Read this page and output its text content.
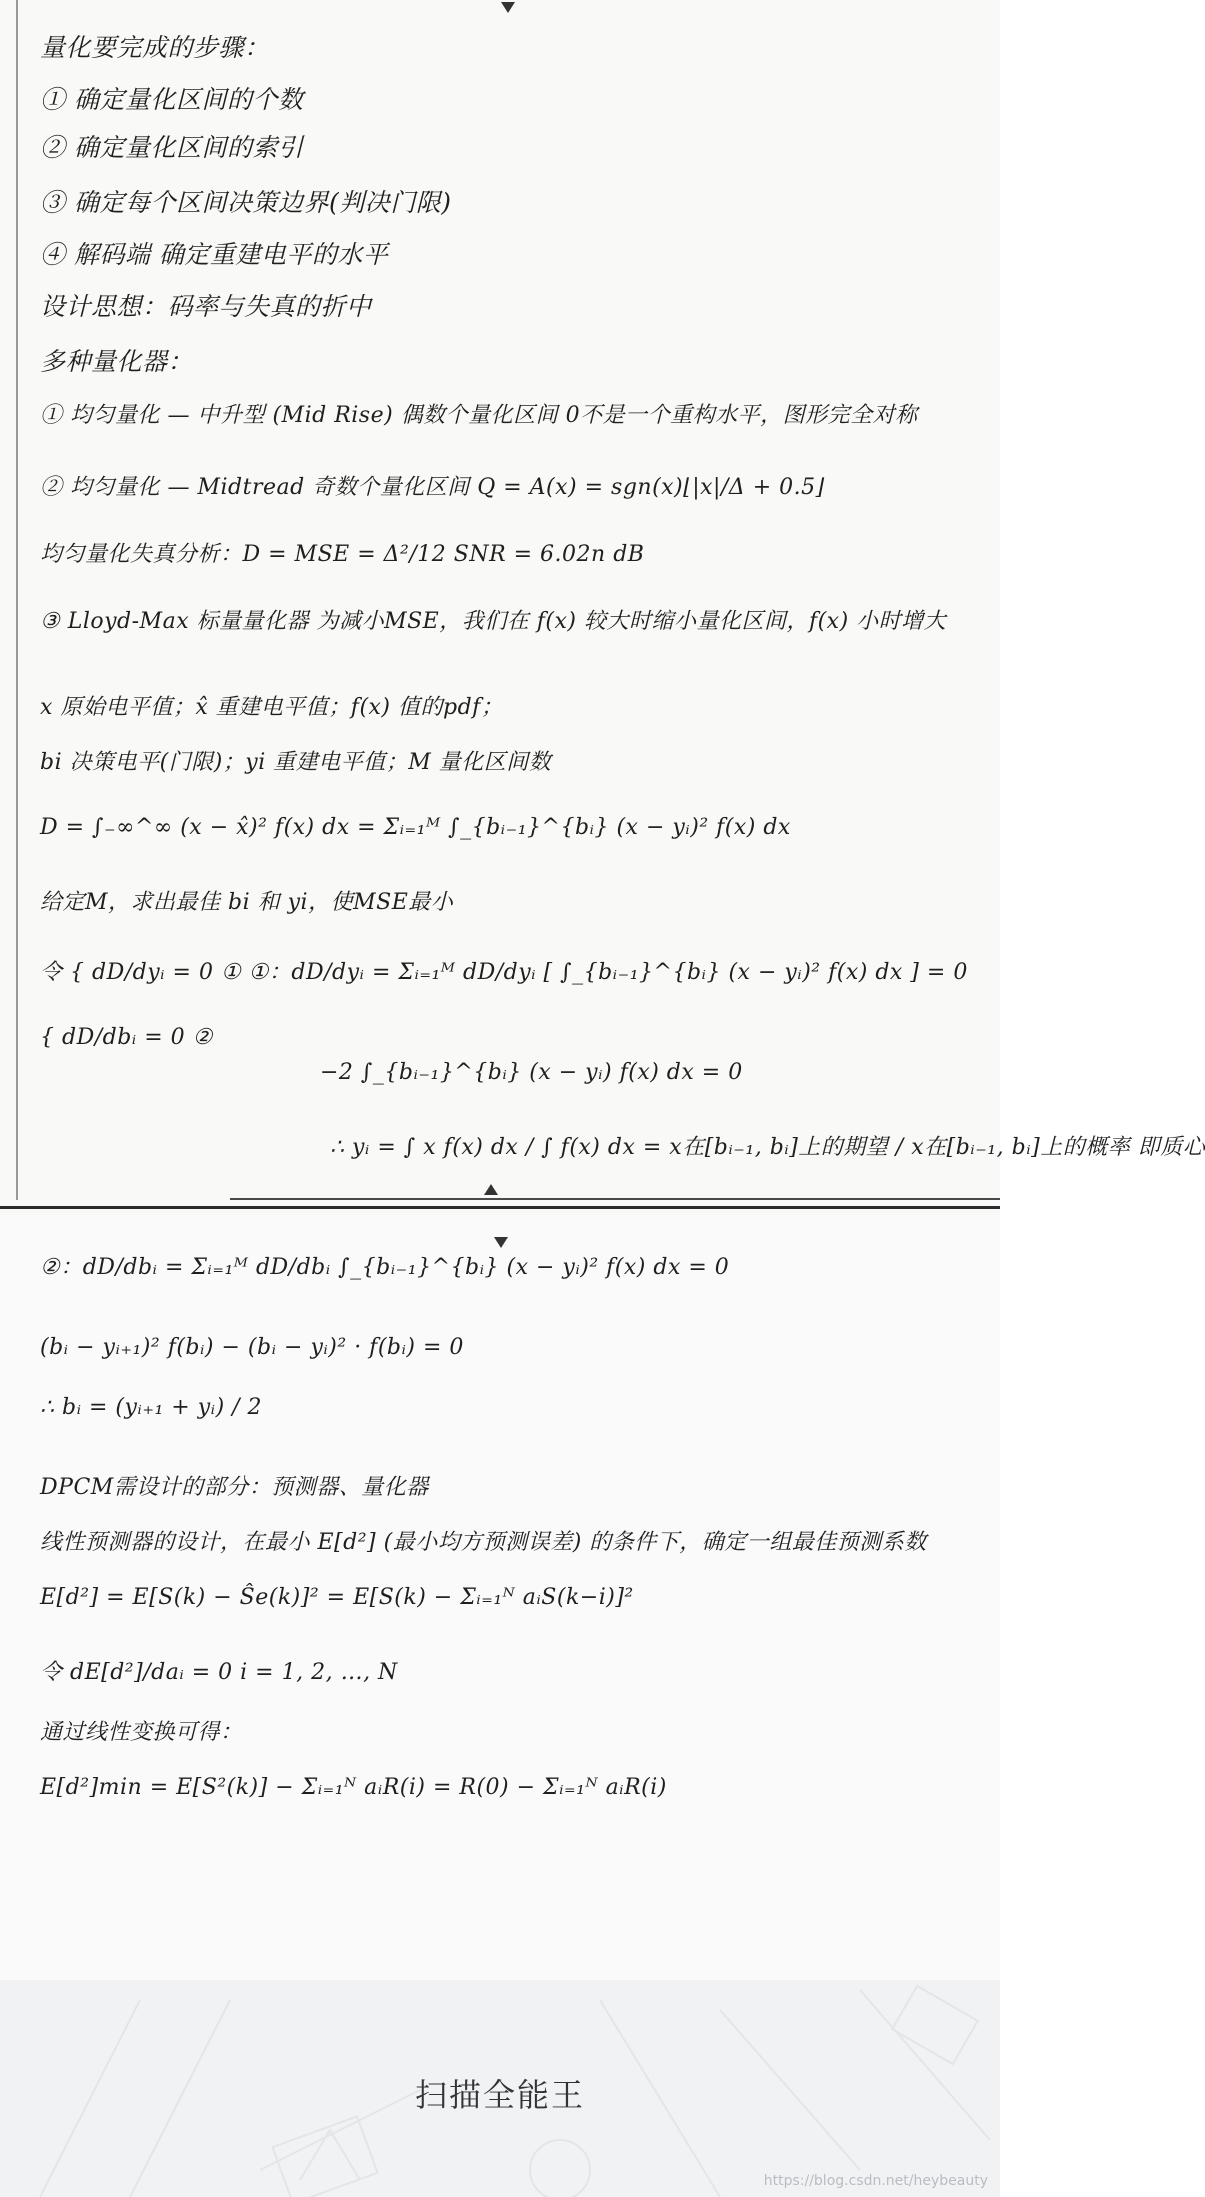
量化要完成的步骤：
① 确定量化区间的个数
② 确定量化区间的索引
③ 确定每个区间决策边界(判决门限)
④ 解码端 确定重建电平的水平
设计思想：码率与失真的折中
多种量化器：
① 均匀量化 — 中升型 (Mid Rise) 偶数个量化区间 0不是一个重构水平，图形完全对称
② 均匀量化 — Midtread 奇数个量化区间 Q = A(x) = sgn(x)⌊|x|/Δ + 0.5⌋
均匀量化失真分析：D = MSE = Δ²/12 SNR = 6.02n dB
③ Lloyd-Max 标量量化器 为减小MSE，我们在 f(x) 较大时缩小量化区间，f(x) 小时增大
x 原始电平值；x̂ 重建电平值；f(x) 值的pdf；
bi 决策电平(门限)；yi 重建电平值；M 量化区间数
D = ∫₋∞^∞ (x − x̂)² f(x) dx = Σᵢ₌₁ᴹ ∫_{bᵢ₋₁}^{bᵢ} (x − yᵢ)² f(x) dx
给定M，求出最佳 bi 和 yi，使MSE最小
令 { dD/dyᵢ = 0 ① ①：dD/dyᵢ = Σᵢ₌₁ᴹ dD/dyᵢ [ ∫_{bᵢ₋₁}^{bᵢ} (x − yᵢ)² f(x) dx ] = 0
{ dD/dbᵢ = 0 ②
−2 ∫_{bᵢ₋₁}^{bᵢ} (x − yᵢ) f(x) dx = 0
∴ yᵢ = ∫ x f(x) dx / ∫ f(x) dx = x在[bᵢ₋₁, bᵢ]上的期望 / x在[bᵢ₋₁, bᵢ]上的概率 即质心
②：dD/dbᵢ = Σᵢ₌₁ᴹ dD/dbᵢ ∫_{bᵢ₋₁}^{bᵢ} (x − yᵢ)² f(x) dx = 0
(bᵢ − yᵢ₊₁)² f(bᵢ) − (bᵢ − yᵢ)² · f(bᵢ) = 0
∴ bᵢ = (yᵢ₊₁ + yᵢ) / 2
DPCM需设计的部分：预测器、量化器
线性预测器的设计，在最小 E[d²] (最小均方预测误差) 的条件下，确定一组最佳预测系数
E[d²] = E[S(k) − Ŝe(k)]² = E[S(k) − Σᵢ₌₁ᴺ aᵢS(k−i)]²
令 dE[d²]/daᵢ = 0 i = 1, 2, …, N
通过线性变换可得：
E[d²]min = E[S²(k)] − Σᵢ₌₁ᴺ aᵢR(i) = R(0) − Σᵢ₌₁ᴺ aᵢR(i)
扫描全能王
https://blog.csdn.net/heybeauty
